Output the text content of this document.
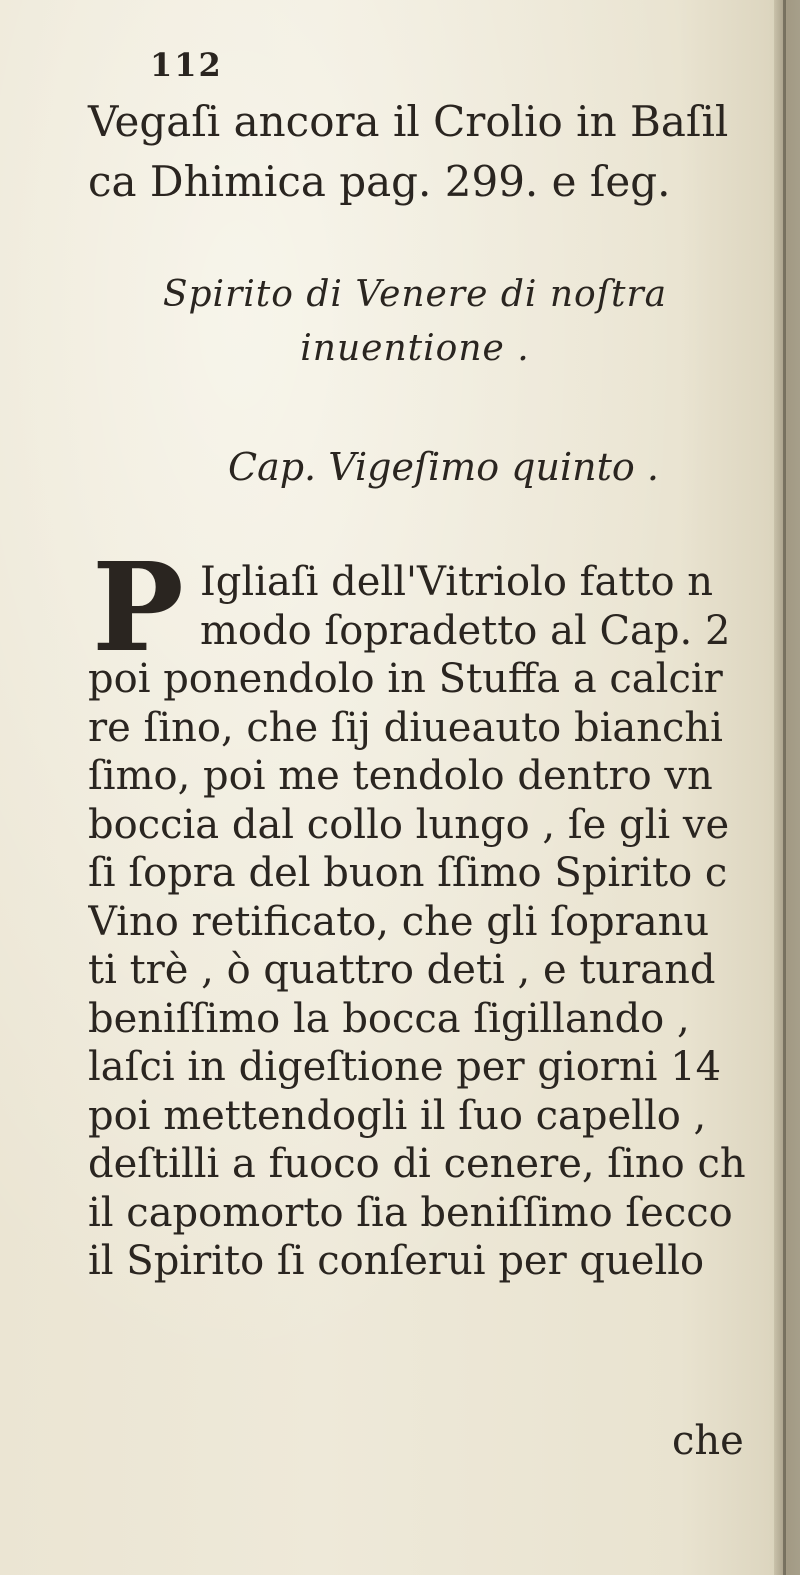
112
Vegaſi ancora il Crolio in Baſil
ca Dhimica pag. 299. e ſeg.
Spirito di Venere di noſtra
inuentione .
Cap. Vigeſimo quinto .
P Igliaſi dell'Vitriolo fatto n
modo ſopradetto al Cap. 2
poi ponendolo in Stuffa a calcir
re ſino, che ſij diueauto bianchi
ſimo, poi me tendolo dentro vn
boccia dal collo lungo , ſe gli ve
ſi ſopra del buon ſſimo Spirito c
Vino retificato, che gli ſopranu
ti trè , ò quattro deti , e turand
beniſſimo la bocca ſigillando ,
laſci in digeſtione per giorni 14
poi mettendogli il ſuo capello ,
deſtilli a fuoco di cenere, ſino ch
il capomorto ſia beniſſimo ſecco
il Spirito ſi conſerui per quello
che
